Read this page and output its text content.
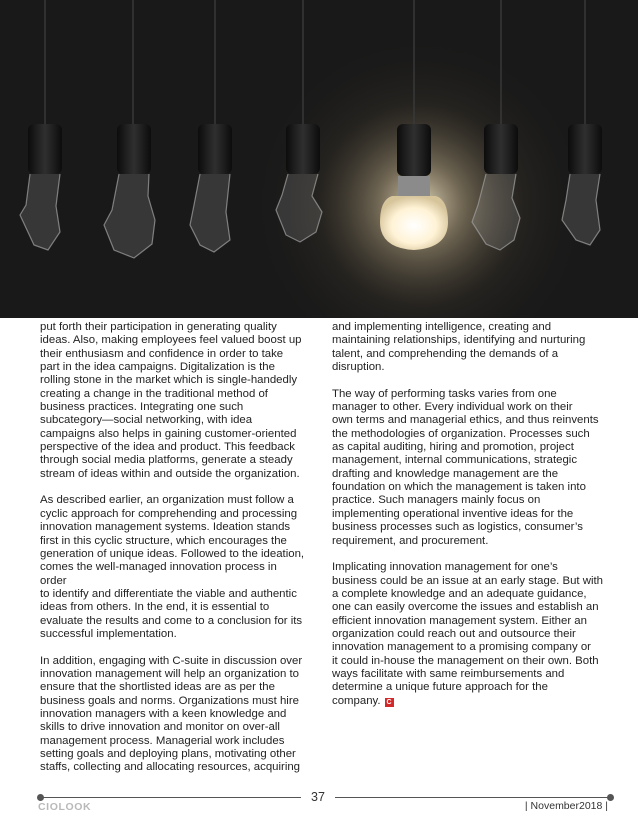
put forth their participation in generating quality
ideas. Also, making employees feel valued boost up
their enthusiasm and confidence in order to take
part in the idea campaigns. Digitalization is the
rolling stone in the market which is single-handedly
creating a change in the traditional method of
business practices. Integrating one such
subcategory—social networking, with idea
campaigns also helps in gaining customer-oriented
perspective of the idea and product. This feedback
through social media platforms, generate a steady
stream of ideas within and outside the organization.

As described earlier, an organization must follow a
cyclic approach for comprehending and processing
innovation management systems. Ideation stands
first in this cyclic structure, which encourages the
generation of unique ideas. Followed to the ideation,
comes the well-managed innovation process in order
to identify and differentiate the viable and authentic
ideas from others. In the end, it is essential to
evaluate the results and come to a conclusion for its
successful implementation.

In addition, engaging with C-suite in discussion over
innovation management will help an organization to
ensure that the shortlisted ideas are as per the
business goals and norms. Organizations must hire
innovation managers with a keen knowledge and
skills to drive innovation and monitor on over-all
management process. Managerial work includes
setting goals and deploying plans, motivating other
staffs, collecting and allocating resources, acquiring

and implementing intelligence, creating and
maintaining relationships, identifying and nurturing
talent, and comprehending the demands of a
disruption.

The way of performing tasks varies from one
manager to other. Every individual work on their
own terms and managerial ethics, and thus reinvents
the methodologies of organization. Processes such
as capital auditing, hiring and promotion, project
management, internal communications, strategic
drafting and knowledge management are the
foundation on which the management is taken into
practice. Such managers mainly focus on
implementing operational inventive ideas for the
business processes such as logistics, consumer’s
requirement, and procurement.

Implicating innovation management for one’s
business could be an issue at an early stage. But with
a complete knowledge and an adequate guidance,
one can easily overcome the issues and establish an
efficient innovation management system. Either an
organization could reach out and outsource their
innovation management to a promising company or
it could in-house the management on their own. Both
ways facilitate with same reimbursements and
determine a unique future approach for the
company. C

37
CIOLOOK	| November2018 |
